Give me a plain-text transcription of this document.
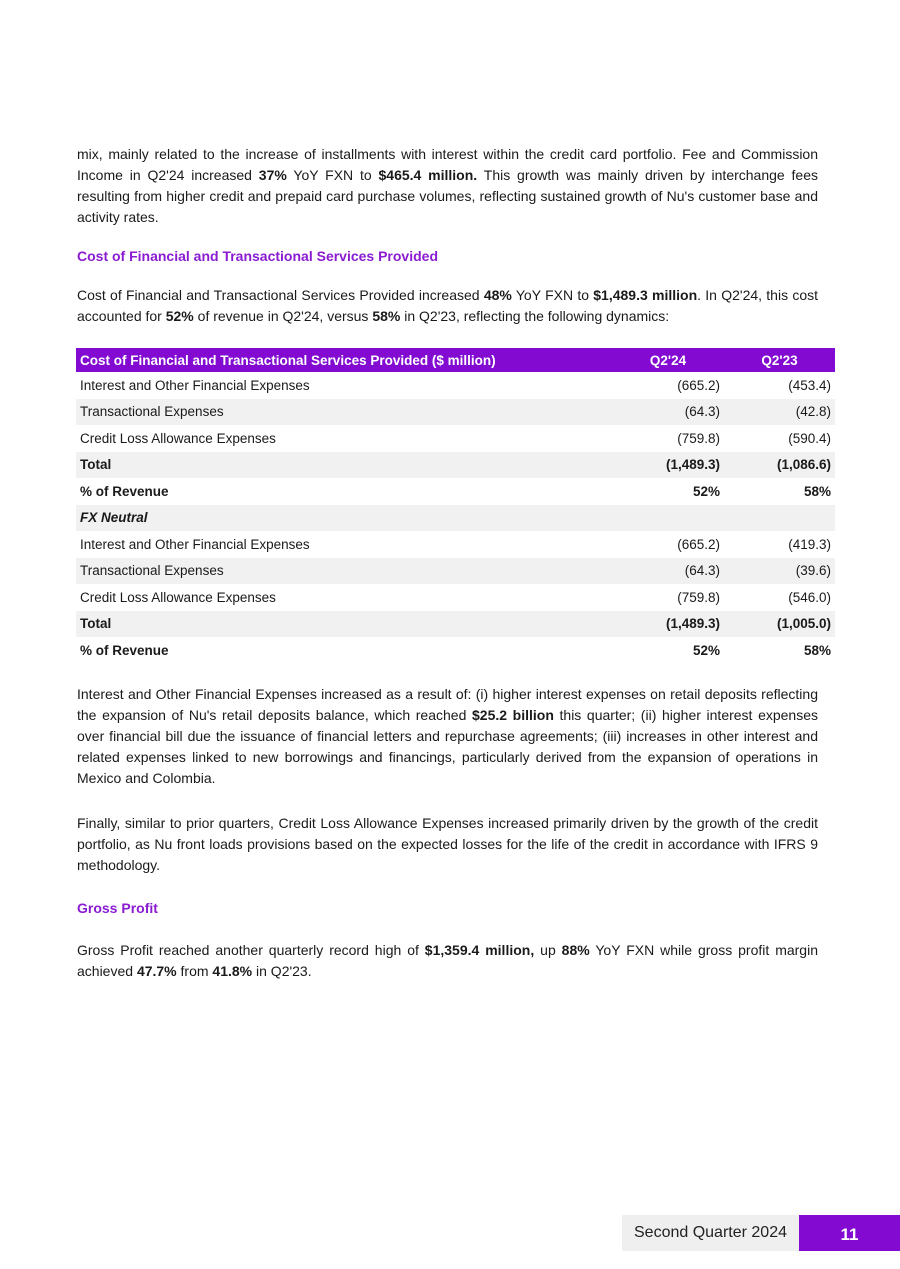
mix, mainly related to the increase of installments with interest within the credit card portfolio. Fee and Commission Income in Q2'24 increased 37% YoY FXN to $465.4 million. This growth was mainly driven by interchange fees resulting from higher credit and prepaid card purchase volumes, reflecting sustained growth of Nu's customer base and activity rates.

Cost of Financial and Transactional Services Provided

Cost of Financial and Transactional Services Provided increased 48% YoY FXN to $1,489.3 million. In Q2'24, this cost accounted for 52% of revenue in Q2'24, versus 58% in Q2'23, reflecting the following dynamics:

Cost of Financial and Transactional Services Provided ($ million)	Q2'24	Q2'23
Interest and Other Financial Expenses	(665.2)	(453.4)
Transactional Expenses	(64.3)	(42.8)
Credit Loss Allowance Expenses	(759.8)	(590.4)
Total	(1,489.3)	(1,086.6)
% of Revenue	52%	58%
FX Neutral		
Interest and Other Financial Expenses	(665.2)	(419.3)
Transactional Expenses	(64.3)	(39.6)
Credit Loss Allowance Expenses	(759.8)	(546.0)
Total	(1,489.3)	(1,005.0)
% of Revenue	52%	58%

Interest and Other Financial Expenses increased as a result of: (i) higher interest expenses on retail deposits reflecting the expansion of Nu's retail deposits balance, which reached $25.2 billion this quarter; (ii) higher interest expenses over financial bill due the issuance of financial letters and repurchase agreements; (iii) increases in other interest and related expenses linked to new borrowings and financings, particularly derived from the expansion of operations in Mexico and Colombia.

Finally, similar to prior quarters, Credit Loss Allowance Expenses increased primarily driven by the growth of the credit portfolio, as Nu front loads provisions based on the expected losses for the life of the credit in accordance with IFRS 9 methodology.

Gross Profit

Gross Profit reached another quarterly record high of $1,359.4 million, up 88% YoY FXN while gross profit margin achieved 47.7% from 41.8% in Q2'23.

Second Quarter 2024	11
